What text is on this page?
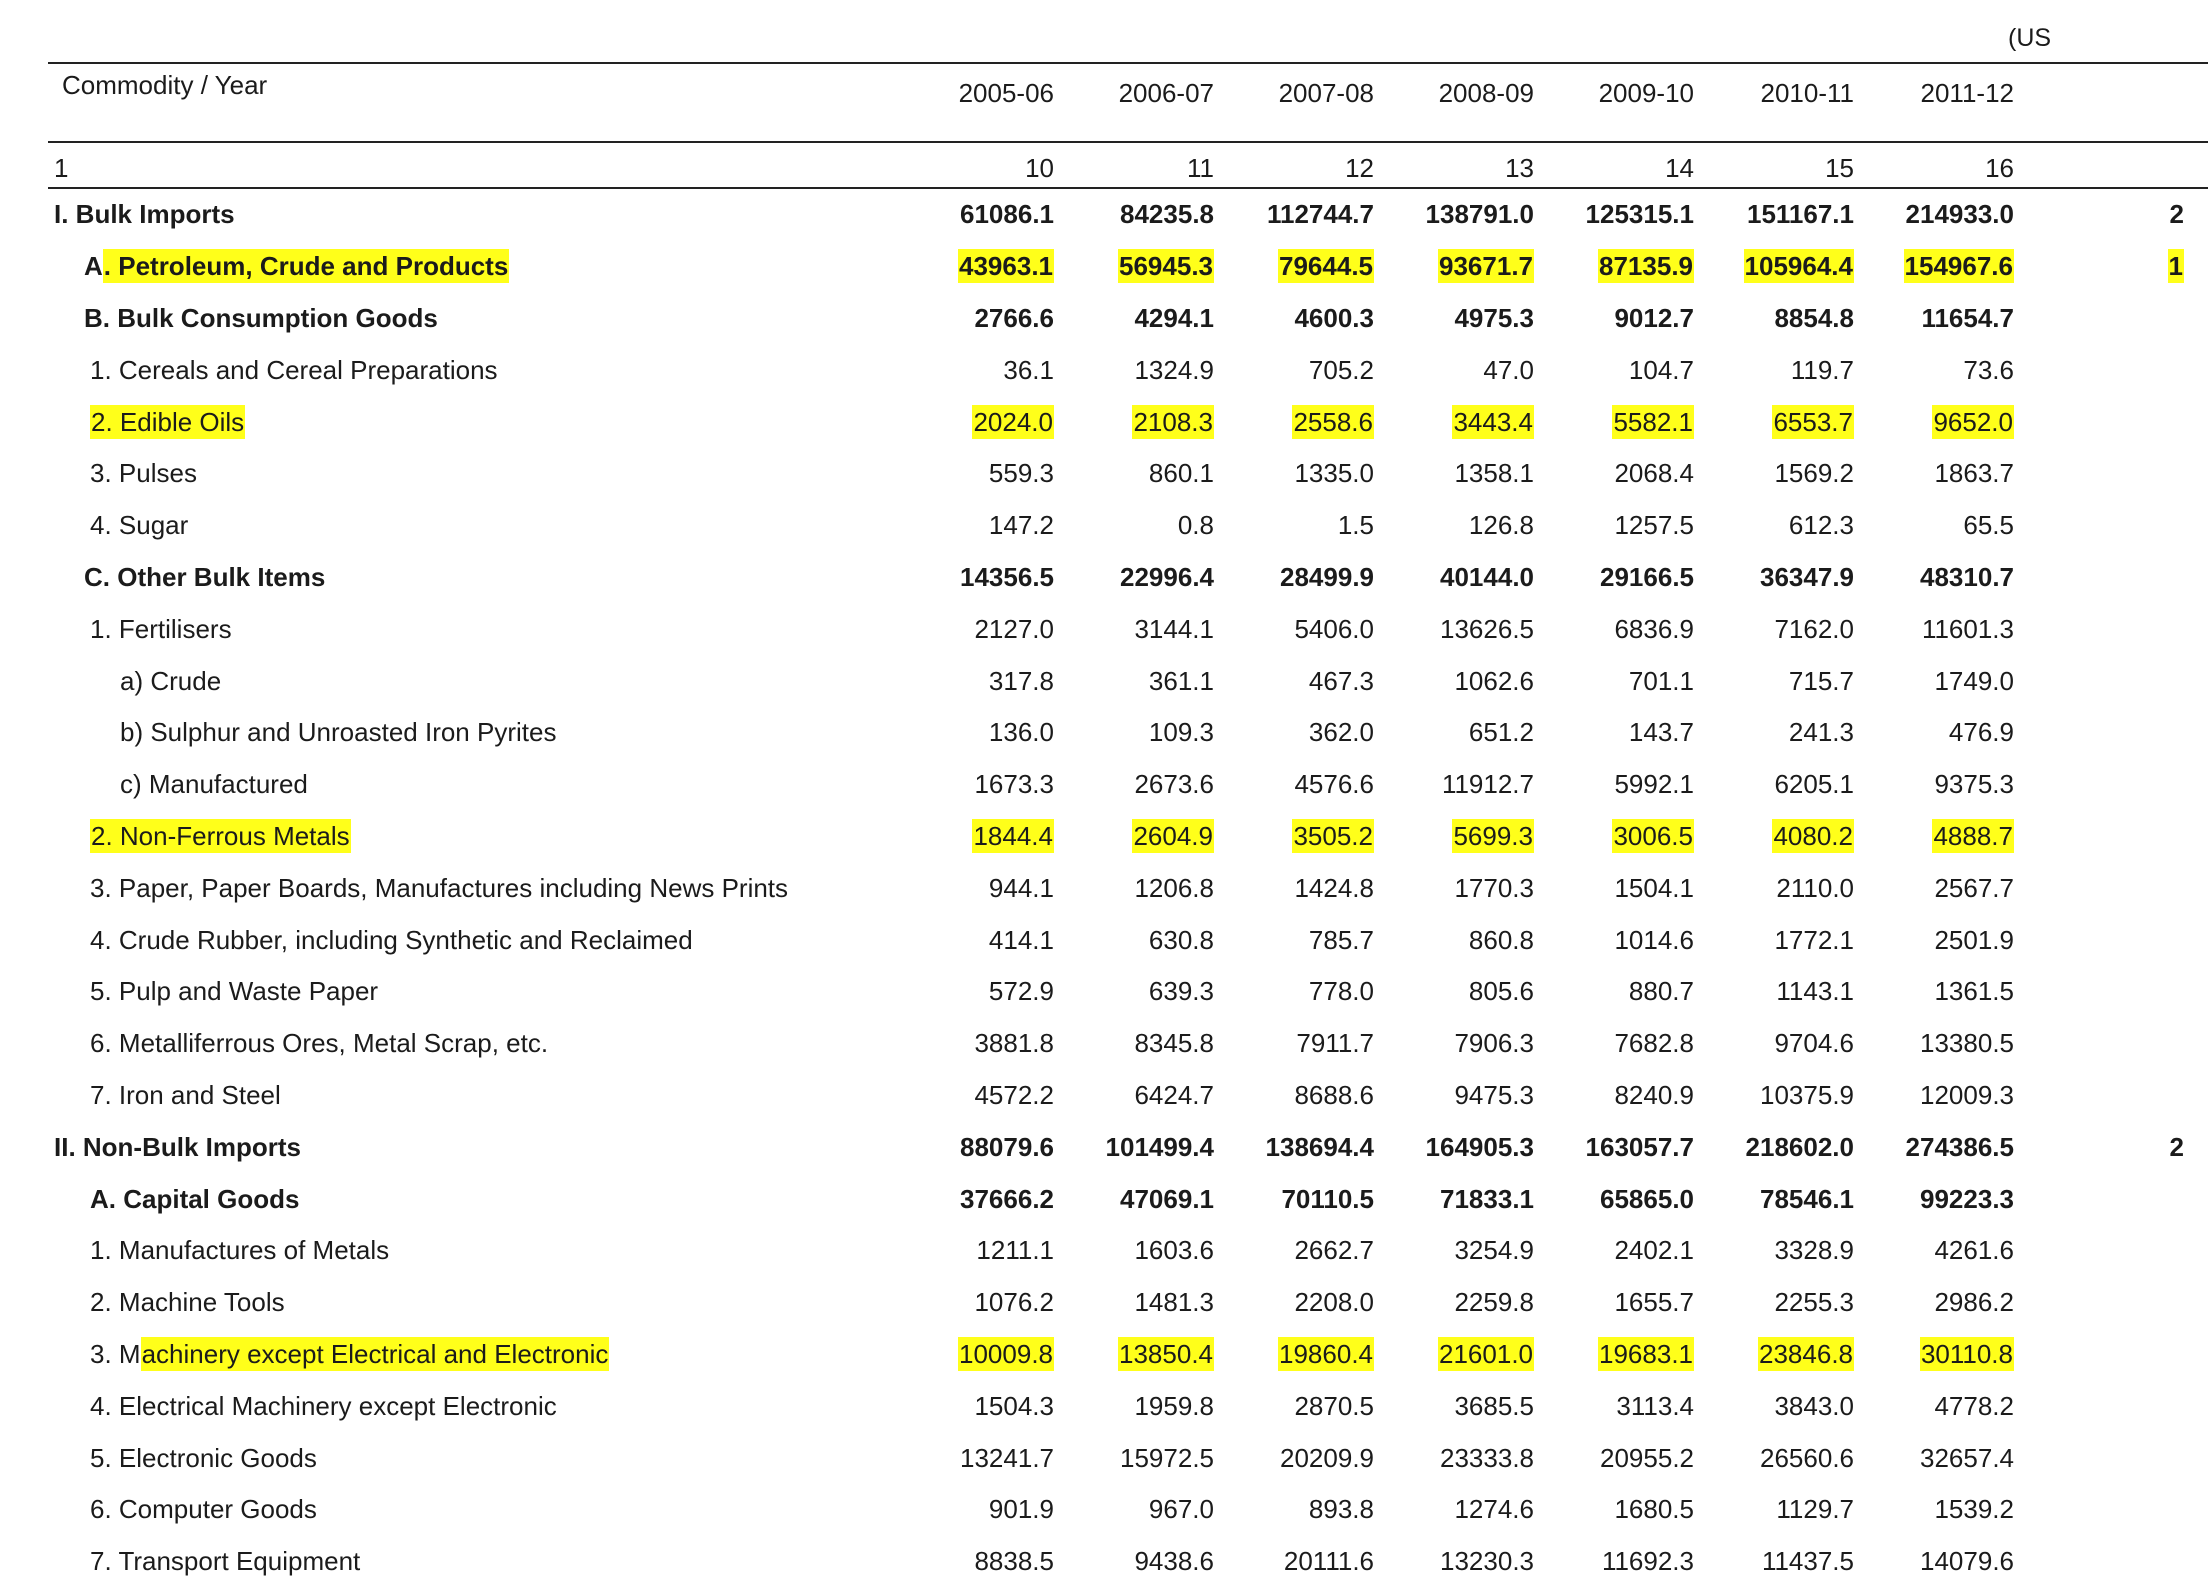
(US
Commodity / Year	2005-06	2006-07	2007-08	2008-09	2009-10	2010-11	2011-12	
1	10	11	12	13	14	15	16	
I. Bulk Imports	61086.1	84235.8	112744.7	138791.0	125315.1	151167.1	214933.0	2
A. Petroleum, Crude and Products	43963.1	56945.3	79644.5	93671.7	87135.9	105964.4	154967.6	1
B. Bulk Consumption Goods	2766.6	4294.1	4600.3	4975.3	9012.7	8854.8	11654.7	
1. Cereals and Cereal Preparations	36.1	1324.9	705.2	47.0	104.7	119.7	73.6	
2. Edible Oils	2024.0	2108.3	2558.6	3443.4	5582.1	6553.7	9652.0	
3. Pulses	559.3	860.1	1335.0	1358.1	2068.4	1569.2	1863.7	
4. Sugar	147.2	0.8	1.5	126.8	1257.5	612.3	65.5	
C. Other Bulk Items	14356.5	22996.4	28499.9	40144.0	29166.5	36347.9	48310.7	
1. Fertilisers	2127.0	3144.1	5406.0	13626.5	6836.9	7162.0	11601.3	
a) Crude	317.8	361.1	467.3	1062.6	701.1	715.7	1749.0	
b) Sulphur and Unroasted Iron Pyrites	136.0	109.3	362.0	651.2	143.7	241.3	476.9	
c) Manufactured	1673.3	2673.6	4576.6	11912.7	5992.1	6205.1	9375.3	
2. Non-Ferrous Metals	1844.4	2604.9	3505.2	5699.3	3006.5	4080.2	4888.7	
3. Paper, Paper Boards, Manufactures including News Prints	944.1	1206.8	1424.8	1770.3	1504.1	2110.0	2567.7	
4. Crude Rubber, including Synthetic and Reclaimed	414.1	630.8	785.7	860.8	1014.6	1772.1	2501.9	
5. Pulp and Waste Paper	572.9	639.3	778.0	805.6	880.7	1143.1	1361.5	
6. Metalliferrous Ores, Metal Scrap, etc.	3881.8	8345.8	7911.7	7906.3	7682.8	9704.6	13380.5	
7. Iron and Steel	4572.2	6424.7	8688.6	9475.3	8240.9	10375.9	12009.3	
II. Non-Bulk Imports	88079.6	101499.4	138694.4	164905.3	163057.7	218602.0	274386.5	2
A. Capital Goods	37666.2	47069.1	70110.5	71833.1	65865.0	78546.1	99223.3	
1. Manufactures of Metals	1211.1	1603.6	2662.7	3254.9	2402.1	3328.9	4261.6	
2. Machine Tools	1076.2	1481.3	2208.0	2259.8	1655.7	2255.3	2986.2	
3. Machinery except Electrical and Electronic	10009.8	13850.4	19860.4	21601.0	19683.1	23846.8	30110.8	
4. Electrical Machinery except Electronic	1504.3	1959.8	2870.5	3685.5	3113.4	3843.0	4778.2	
5. Electronic Goods	13241.7	15972.5	20209.9	23333.8	20955.2	26560.6	32657.4	
6. Computer Goods	901.9	967.0	893.8	1274.6	1680.5	1129.7	1539.2	
7. Transport Equipment	8838.5	9438.6	20111.6	13230.3	11692.3	11437.5	14079.6	
